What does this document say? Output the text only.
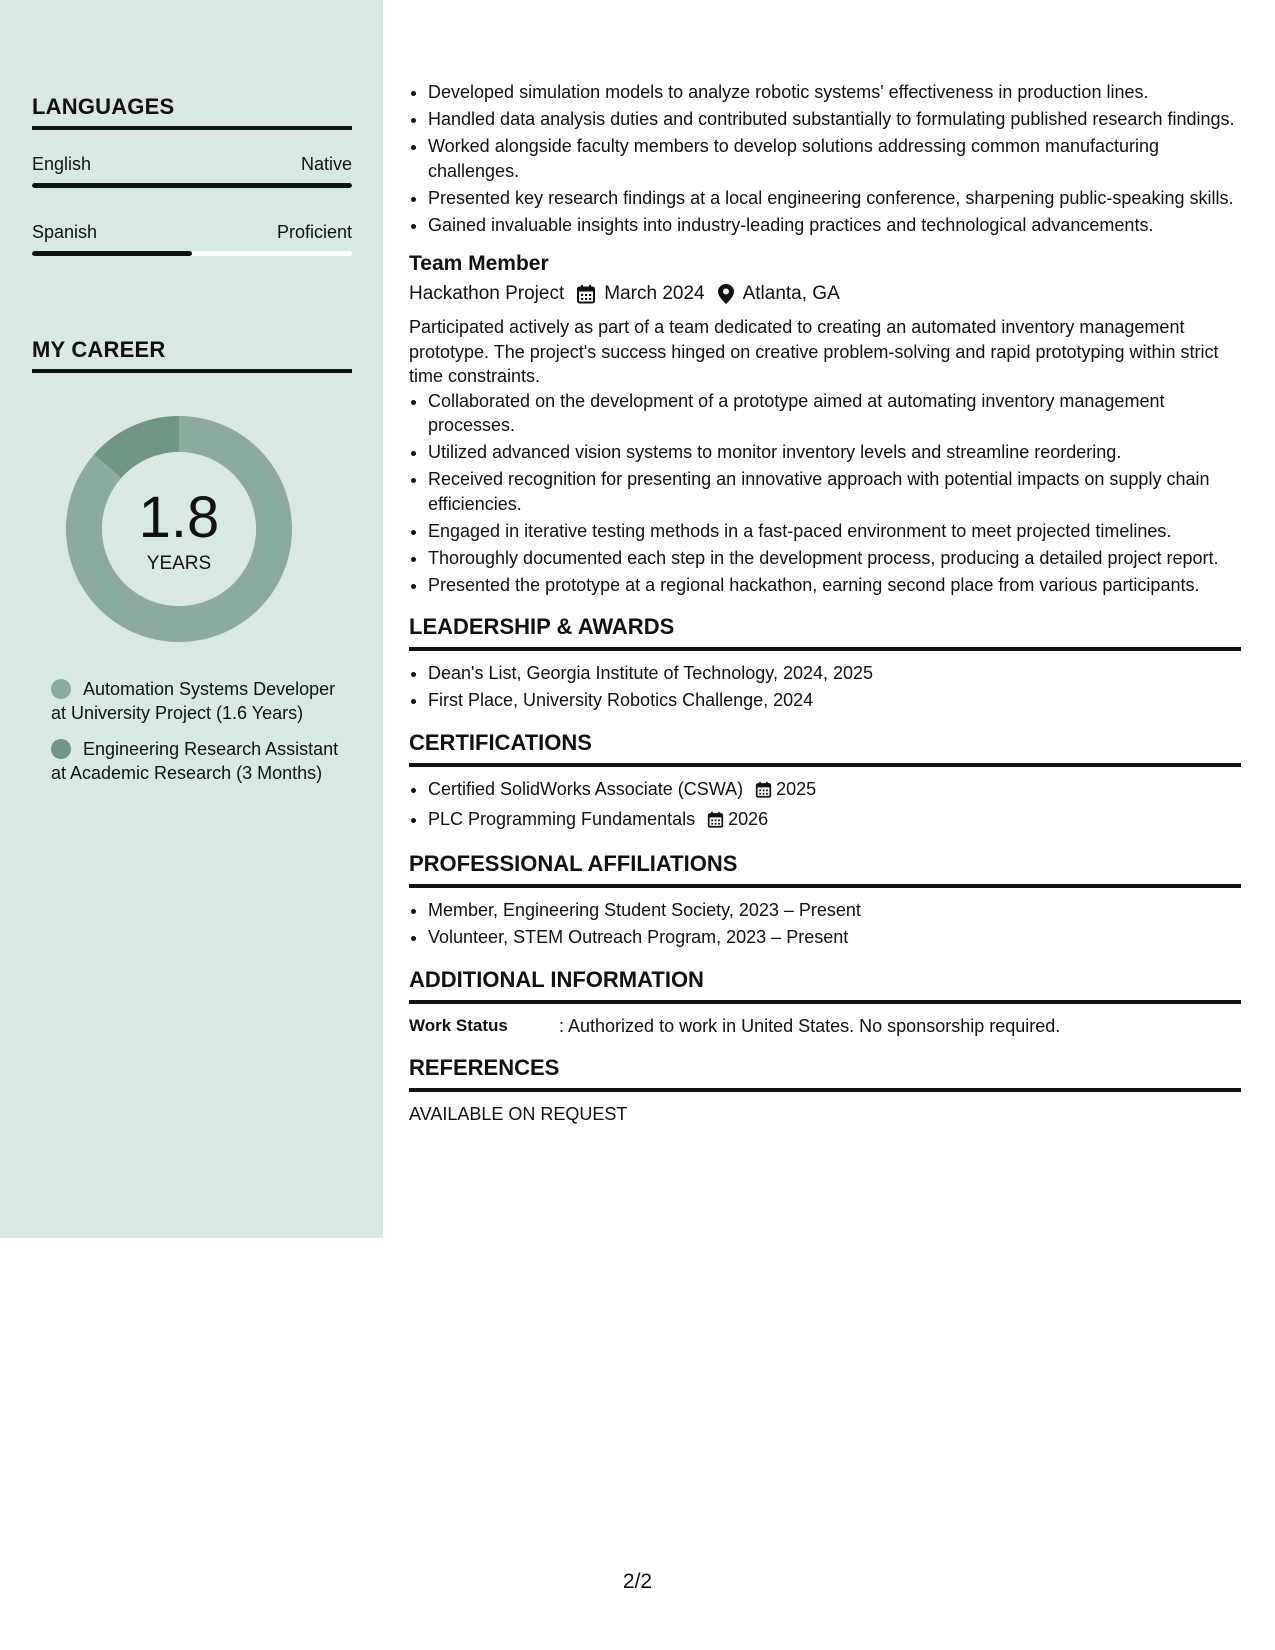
LANGUAGES
English	Native
Spanish	Proficient
MY CAREER
1.8
YEARS
Automation Systems Developer at University Project (1.6 Years)
Engineering Research Assistant at Academic Research (3 Months)
• Developed simulation models to analyze robotic systems' effectiveness in production lines.
• Handled data analysis duties and contributed substantially to formulating published research findings.
• Worked alongside faculty members to develop solutions addressing common manufacturing challenges.
• Presented key research findings at a local engineering conference, sharpening public-speaking skills.
• Gained invaluable insights into industry-leading practices and technological advancements.
Team Member
Hackathon Project March 2024 Atlanta, GA
Participated actively as part of a team dedicated to creating an automated inventory management prototype. The project's success hinged on creative problem-solving and rapid prototyping within strict time constraints.
• Collaborated on the development of a prototype aimed at automating inventory management processes.
• Utilized advanced vision systems to monitor inventory levels and streamline reordering.
• Received recognition for presenting an innovative approach with potential impacts on supply chain efficiencies.
• Engaged in iterative testing methods in a fast-paced environment to meet projected timelines.
• Thoroughly documented each step in the development process, producing a detailed project report.
• Presented the prototype at a regional hackathon, earning second place from various participants.
LEADERSHIP & AWARDS
• Dean's List, Georgia Institute of Technology, 2024, 2025
• First Place, University Robotics Challenge, 2024
CERTIFICATIONS
• Certified SolidWorks Associate (CSWA) 2025
• PLC Programming Fundamentals 2026
PROFESSIONAL AFFILIATIONS
• Member, Engineering Student Society, 2023 – Present
• Volunteer, STEM Outreach Program, 2023 – Present
ADDITIONAL INFORMATION
Work Status	: Authorized to work in United States. No sponsorship required.
REFERENCES
AVAILABLE ON REQUEST
2/2
